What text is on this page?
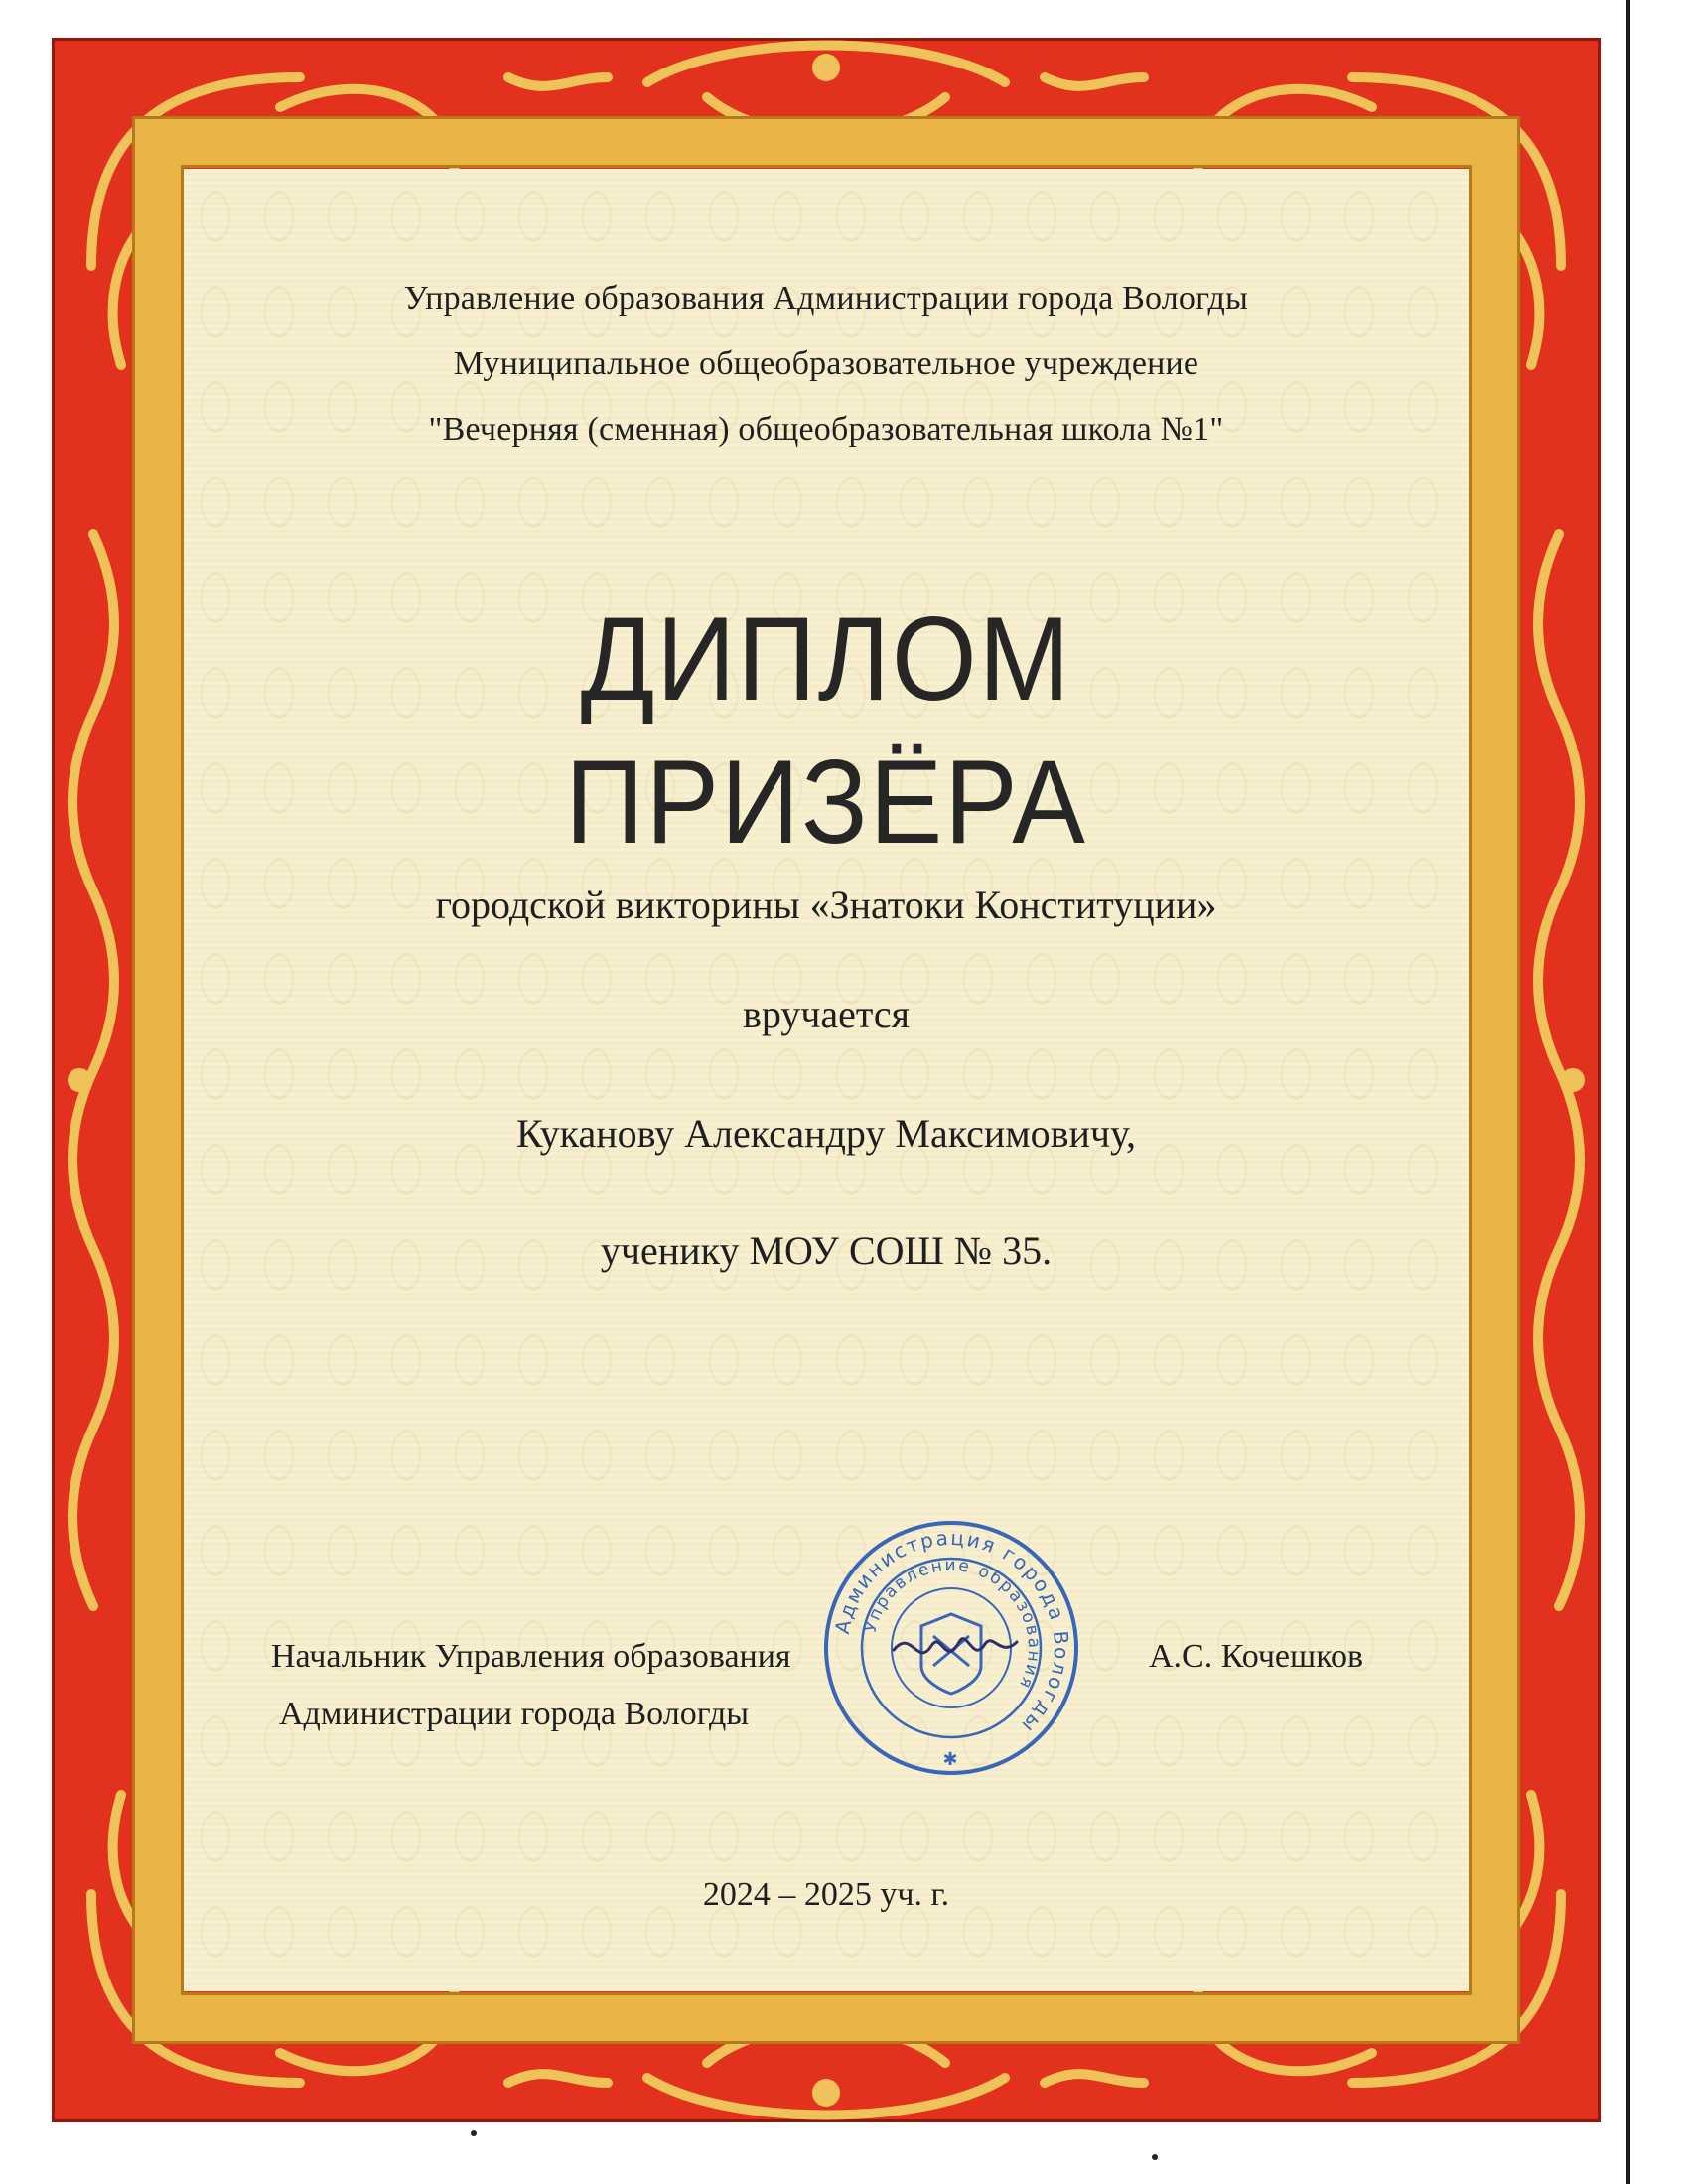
Управление образования Администрации города Вологды
Муниципальное общеобразовательное учреждение
"Вечерняя (сменная) общеобразовательная школа №1"
ДИПЛОМ
ПРИЗЁРА
городской викторины «Знатоки Конституции»
вручается
Куканову Александру Максимовичу,
ученику МОУ СОШ № 35.
Начальник Управления образования
Администрации города Вологды
А.С. Кочешков
Администрация города Вологды
Управление образования
✱
2024 – 2025 уч. г.
